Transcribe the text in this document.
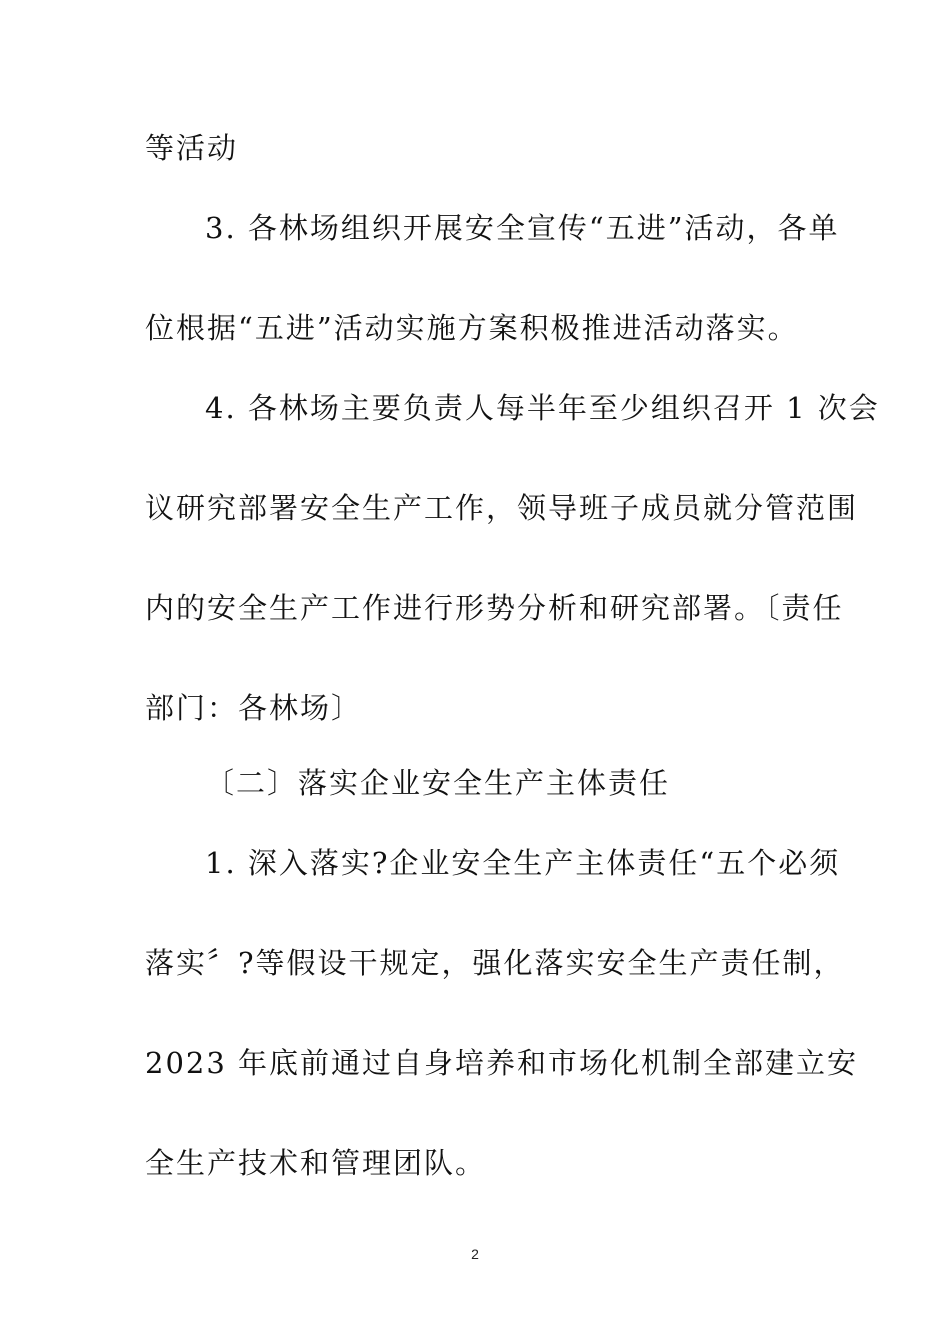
等活动
3. 各林场组织开展安全宣传“五进”活动，各单
位根据“五进”活动实施方案积极推进活动落实。
4. 各林场主要负责人每半年至少组织召开 1 次会
议研究部署安全生产工作，领导班子成员就分管范围
内的安全生产工作进行形势分析和研究部署。〔责任
部门：各林场〕
〔二〕落实企业安全生产主体责任
1. 深入落实?企业安全生产主体责任“五个必须
落实〞?等假设干规定，强化落实安全生产责任制，
2023 年底前通过自身培养和市场化机制全部建立安
全生产技术和管理团队。
2
